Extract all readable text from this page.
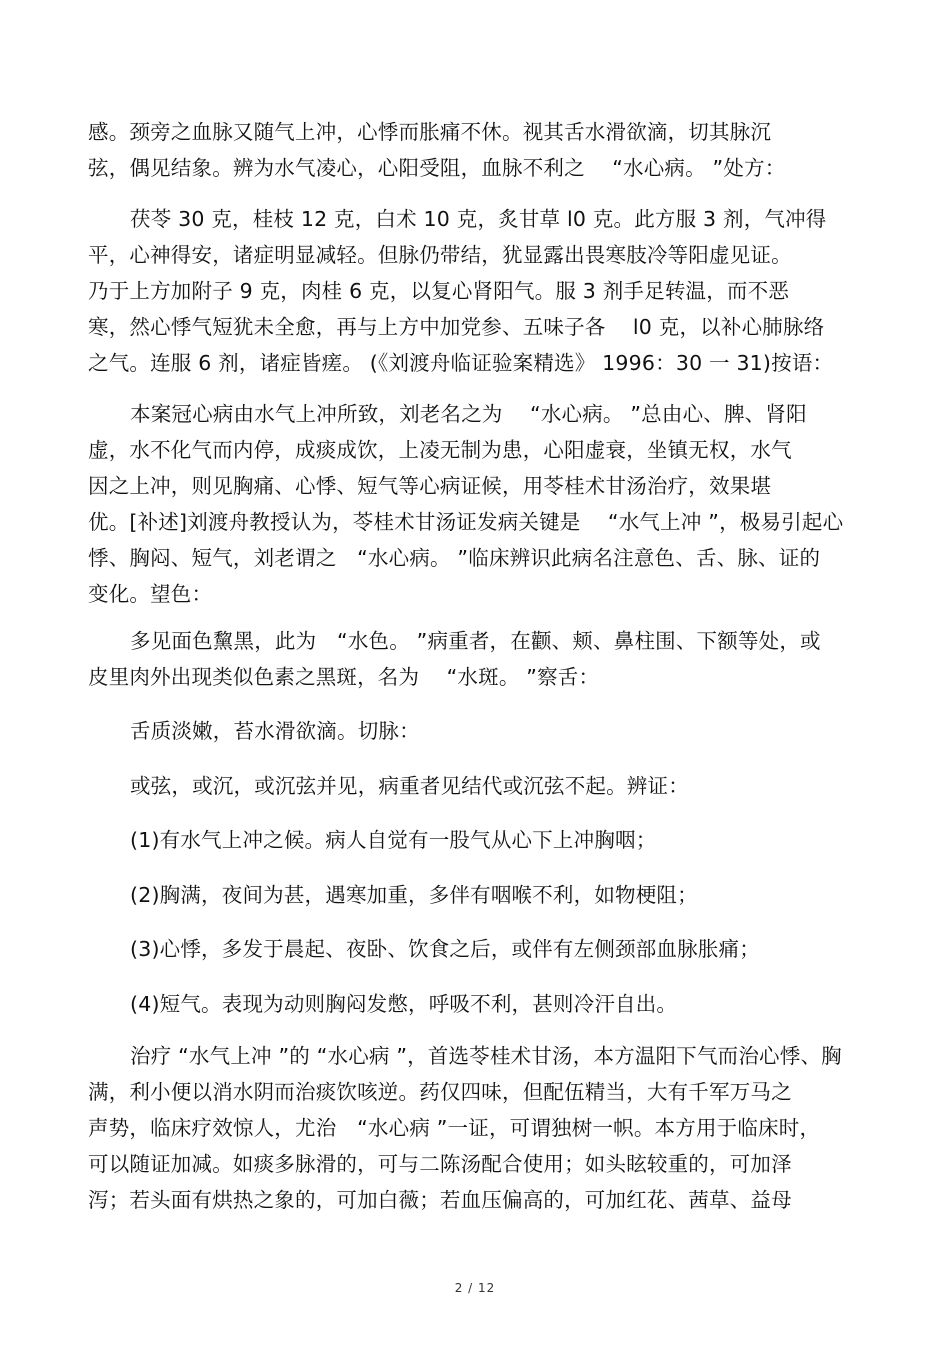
感。颈旁之血脉又随气上冲，心悸而胀痛不休。视其舌水滑欲滴，切其脉沉
弦，偶见结象。辨为水气凌心，心阳受阻，血脉不利之　 “水心病。 ”处方：
茯苓 30 克，桂枝 12 克，白术 10 克，炙甘草 l0 克。此方服 3 剂，气冲得
平，心神得安，诸症明显减轻。但脉仍带结，犹显露出畏寒肢冷等阳虚见证。
乃于上方加附子 9 克，肉桂 6 克，以复心肾阳气。服 3 剂手足转温，而不恶
寒，然心悸气短犹未全愈，再与上方中加党参、五味子各　 l0 克，以补心肺脉络
之气。连服 6 剂，诸症皆瘥。 (《刘渡舟临证验案精选》 1996：30 一 31)按语：
本案冠心病由水气上冲所致，刘老名之为　 “水心病。 ”总由心、脾、肾阳
虚，水不化气而内停，成痰成饮，上凌无制为患，心阳虚衰，坐镇无权，水气
因之上冲，则见胸痛、心悸、短气等心病证候，用苓桂术甘汤治疗，效果堪
优。[补述]刘渡舟教授认为，苓桂术甘汤证发病关键是　 “水气上冲 ”，极易引起心
悸、胸闷、短气，刘老谓之　“水心病。 ”临床辨识此病名注意色、舌、脉、证的
变化。望色：
多见面色黧黑，此为　“水色。 ”病重者，在颧、颊、鼻柱围、下额等处，或
皮里肉外出现类似色素之黑斑，名为　 “水斑。 ”察舌：
舌质淡嫩，苔水滑欲滴。切脉：
或弦，或沉，或沉弦并见，病重者见结代或沉弦不起。辨证：
(1)有水气上冲之候。病人自觉有一股气从心下上冲胸咽；
(2)胸满，夜间为甚，遇寒加重，多伴有咽喉不利，如物梗阻；
(3)心悸，多发于晨起、夜卧、饮食之后，或伴有左侧颈部血脉胀痛；
(4)短气。表现为动则胸闷发憋，呼吸不利，甚则冷汗自出。
治疗 “水气上冲 ”的 “水心病 ”，首选苓桂术甘汤，本方温阳下气而治心悸、胸
满，利小便以消水阴而治痰饮咳逆。药仅四味，但配伍精当，大有千军万马之
声势，临床疗效惊人，尤治　“水心病 ”一证，可谓独树一帜。本方用于临床时，
可以随证加减。如痰多脉滑的，可与二陈汤配合使用；如头眩较重的，可加泽
泻；若头面有烘热之象的，可加白薇；若血压偏高的，可加红花、茜草、益母
2 / 12
